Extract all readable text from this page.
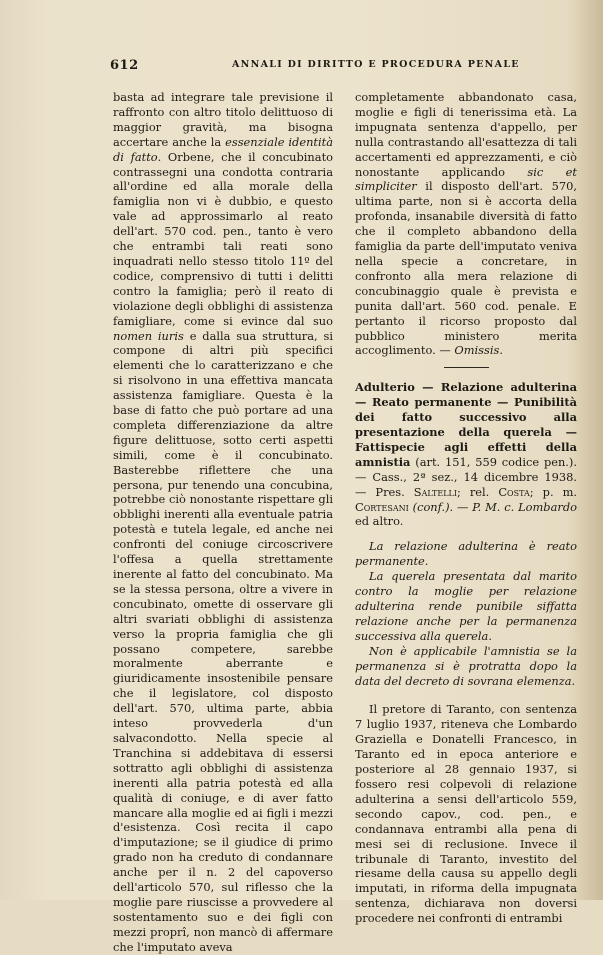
612	ANNALI DI DIRITTO E PROCEDURA PENALE

basta ad integrare tale previsione il raffronto con altro titolo delittuoso di maggior gravità, ma bisogna accertare anche la essenziale identità di fatto. Orbene, che il concubinato contrassegni una condotta contraria all'ordine ed alla morale della famiglia non vi è dubbio, e questo vale ad approssimarlo al reato dell'art. 570 cod. pen., tanto è vero che entrambi tali reati sono inquadrati nello stesso titolo 11º del codice, comprensivo di tutti i delitti contro la famiglia; però il reato di violazione degli obblighi di assistenza famigliare, come si evince dal suo nomen iuris e dalla sua struttura, si compone di altri più specifici elementi che lo caratterizzano e che si risolvono in una effettiva mancata assistenza famigliare. Questa è la base di fatto che può portare ad una completa differenziazione da altre figure delittuose, sotto certi aspetti simili, come è il concubinato. Basterebbe riflettere che una persona, pur tenendo una concubina, potrebbe ciò nonostante rispettare gli obblighi inerenti alla eventuale patria potestà e tutela legale, ed anche nei confronti del coniuge circoscrivere l'offesa a quella strettamente inerente al fatto del concubinato. Ma se la stessa persona, oltre a vivere in concubinato, omette di osservare gli altri svariati obblighi di assistenza verso la propria famiglia che gli possano competere, sarebbe moralmente aberrante e giuridicamente insostenibile pensare che il legislatore, col disposto dell'art. 570, ultima parte, abbia inteso provvederla d'un salvacondotto. Nella specie al Tranchina si addebitava di essersi sottratto agli obblighi di assistenza inerenti alla patria potestà ed alla qualità di coniuge, e di aver fatto mancare alla moglie ed ai figli i mezzi d'esistenza. Così recita il capo d'imputazione; se il giudice di primo grado non ha creduto di condannare anche per il n. 2 del capoverso dell'articolo 570, sul riflesso che la moglie pare riuscisse a provvedere al sostentamento suo e dei figli con mezzi proprî, non mancò di affermare che l'imputato aveva

completamente abbandonato casa, moglie e figli di tenerissima età. La impugnata sentenza d'appello, per nulla contrastando all'esattezza di tali accertamenti ed apprezzamenti, e ciò nonostante applicando sic et simpliciter il disposto dell'art. 570, ultima parte, non si è accorta della profonda, insanabile diversità di fatto che il completo abbandono della famiglia da parte dell'imputato veniva nella specie a concretare, in confronto alla mera relazione di concubinaggio quale è prevista e punita dall'art. 560 cod. penale. E pertanto il ricorso proposto dal pubblico ministero merita accoglimento. — Omissis.

Adulterio — Relazione adulterina — Reato permanente — Punibilità dei fatto successivo alla presentazione della querela — Fattispecie agli effetti della amnistia (art. 151, 559 codice pen.). — Cass., 2ª sez., 14 dicembre 1938. — Pres. Saltelli; rel. Costa; p. m. Cortesani (conf.). — P. M. c. Lombardo ed altro.

La relazione adulterina è reato permanente.

La querela presentata dal marito contro la moglie per relazione adulterina rende punibile siffatta relazione anche per la permanenza successiva alla querela.

Non è applicabile l'amnistia se la permanenza si è protratta dopo la data del decreto di sovrana elemenza.

Il pretore di Taranto, con sentenza 7 luglio 1937, riteneva che Lombardo Graziella e Donatelli Francesco, in Taranto ed in epoca anteriore e posteriore al 28 gennaio 1937, si fossero resi colpevoli di relazione adulterina a sensi dell'articolo 559, secondo capov., cod. pen., e condannava entrambi alla pena di mesi sei di reclusione. Invece il tribunale di Taranto, investito del riesame della causa su appello degli imputati, in riforma della impugnata sentenza, dichiarava non doversi procedere nei confronti di entrambi
